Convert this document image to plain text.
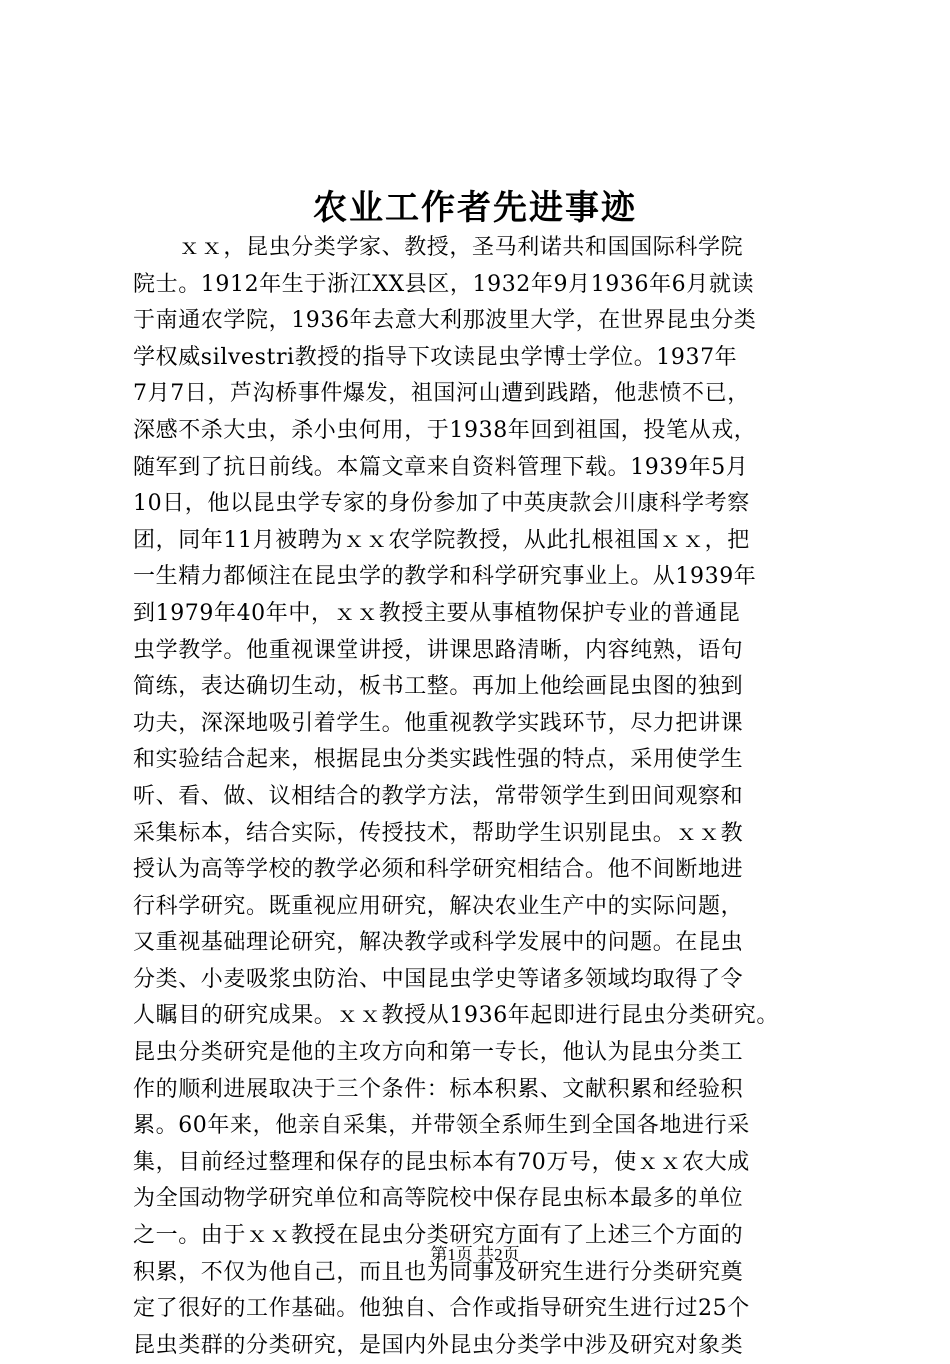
农业工作者先进事迹
　　ｘｘ，昆虫分类学家、教授，圣马利诺共和国国际科学院
院士。1912年生于浙江XX县区，1932年9月1936年6月就读
于南通农学院，1936年去意大利那波里大学，在世界昆虫分类
学权威silvestri教授的指导下攻读昆虫学博士学位。1937年
7月7日，芦沟桥事件爆发，祖国河山遭到践踏，他悲愤不已，
深感不杀大虫，杀小虫何用，于1938年回到祖国，投笔从戎，
随军到了抗日前线。本篇文章来自资料管理下载。1939年5月
10日，他以昆虫学专家的身份参加了中英庚款会川康科学考察
团，同年11月被聘为ｘｘ农学院教授，从此扎根祖国ｘｘ，把
一生精力都倾注在昆虫学的教学和科学研究事业上。从1939年
到1979年40年中，ｘｘ教授主要从事植物保护专业的普通昆
虫学教学。他重视课堂讲授，讲课思路清晰，内容纯熟，语句
简练，表达确切生动，板书工整。再加上他绘画昆虫图的独到
功夫，深深地吸引着学生。他重视教学实践环节，尽力把讲课
和实验结合起来，根据昆虫分类实践性强的特点，采用使学生
听、看、做、议相结合的教学方法，常带领学生到田间观察和
采集标本，结合实际，传授技术，帮助学生识别昆虫。ｘｘ教
授认为高等学校的教学必须和科学研究相结合。他不间断地进
行科学研究。既重视应用研究，解决农业生产中的实际问题，
又重视基础理论研究，解决教学或科学发展中的问题。在昆虫
分类、小麦吸浆虫防治、中国昆虫学史等诸多领域均取得了令
人瞩目的研究成果。ｘｘ教授从1936年起即进行昆虫分类研究。
昆虫分类研究是他的主攻方向和第一专长，他认为昆虫分类工
作的顺利进展取决于三个条件：标本积累、文献积累和经验积
累。60年来，他亲自采集，并带领全系师生到全国各地进行采
集，目前经过整理和保存的昆虫标本有70万号，使ｘｘ农大成
为全国动物学研究单位和高等院校中保存昆虫标本最多的单位
之一。由于ｘｘ教授在昆虫分类研究方面有了上述三个方面的
积累，不仅为他自己，而且也为同事及研究生进行分类研究奠
定了很好的工作基础。他独自、合作或指导研究生进行过25个
昆虫类群的分类研究，是国内外昆虫分类学中涉及研究对象类
第1页 共2页
